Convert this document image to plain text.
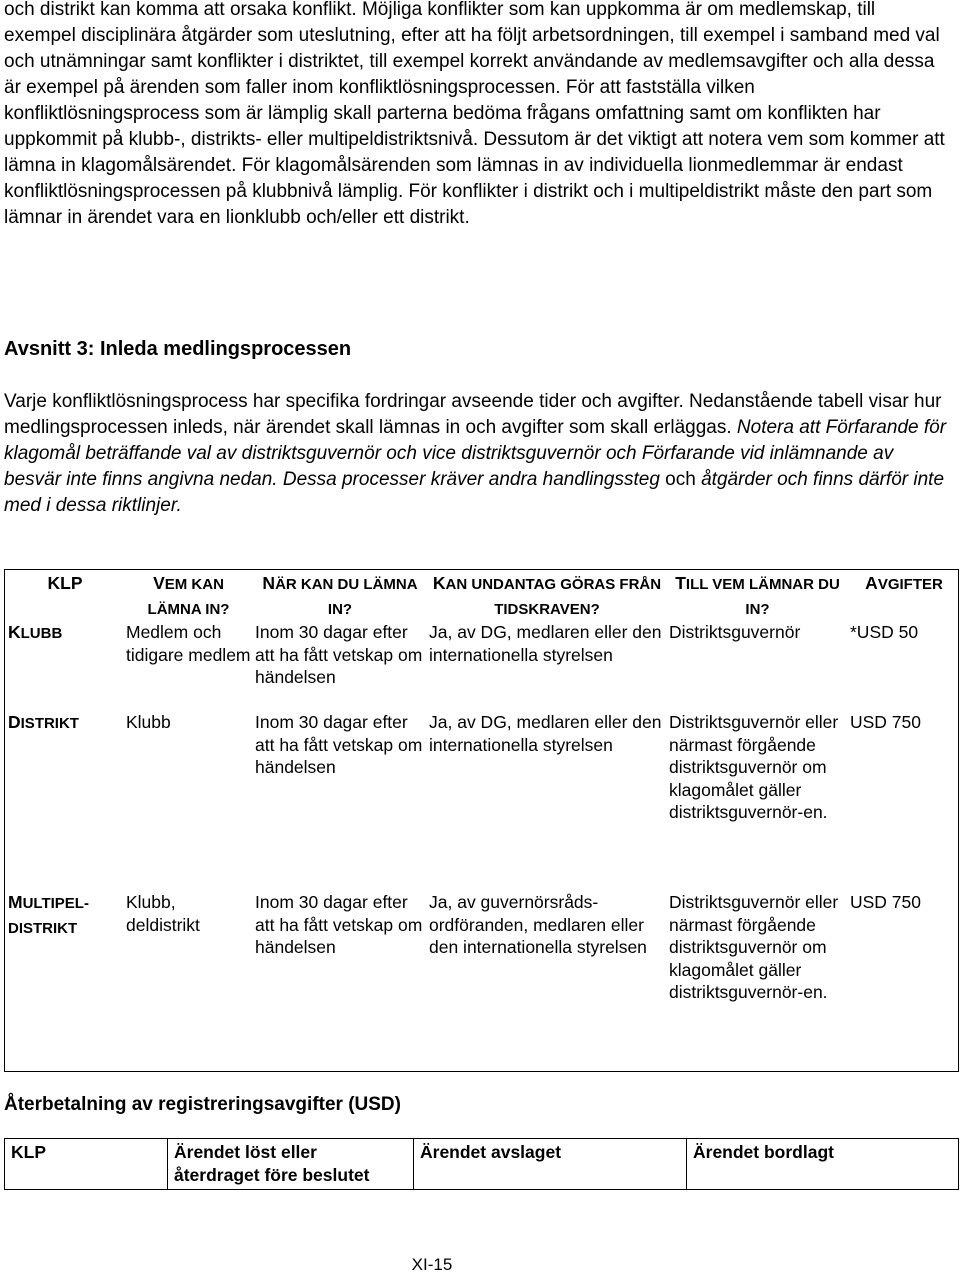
och distrikt kan komma att orsaka konflikt. Möjliga konflikter som kan uppkomma är om medlemskap, till exempel disciplinära åtgärder som uteslutning, efter att ha följt arbetsordningen, till exempel i samband med val och utnämningar samt konflikter i distriktet, till exempel korrekt användande av medlemsavgifter och alla dessa är exempel på ärenden som faller inom konfliktlösningsprocessen. För att fastställa vilken konfliktlösningsprocess som är lämplig skall parterna bedöma frågans omfattning samt om konflikten har uppkommit på klubb-, distrikts- eller multipeldistriktsnivå. Dessutom är det viktigt att notera vem som kommer att lämna in klagomålsärendet. För klagomålsärenden som lämnas in av individuella lionmedlemmar är endast konfliktlösningsprocessen på klubbnivå lämplig. För konflikter i distrikt och i multipeldistrikt måste den part som lämnar in ärendet vara en lionklubb och/eller ett distrikt.

Avsnitt 3: Inleda medlingsprocessen

Varje konfliktlösningsprocess har specifika fordringar avseende tider och avgifter. Nedanstående tabell visar hur medlingsprocessen inleds, när ärendet skall lämnas in och avgifter som skall erläggas. Notera att Förfarande för klagomål beträffande val av distriktsguvernör och vice distriktsguvernör och Förfarande vid inlämnande av besvär inte finns angivna nedan. Dessa processer kräver andra handlingssteg och åtgärder och finns därför inte med i dessa riktlinjer.

KLP	VEM KAN LÄMNA IN?	NÄR KAN DU LÄMNA IN?	KAN UNDANTAG GÖRAS FRÅN TIDSKRAVEN?	TILL VEM LÄMNAR DU IN?	AVGIFTER
KLUBB	Medlem och tidigare medlem	Inom 30 dagar efter att ha fått vetskap om händelsen	Ja, av DG, medlaren eller den internationella styrelsen	Distriktsguvernör	*USD 50
DISTRIKT	Klubb	Inom 30 dagar efter att ha fått vetskap om händelsen	Ja, av DG, medlaren eller den internationella styrelsen	Distriktsguvernör eller närmast förgående distriktsguvernör om klagomålet gäller distriktsguvernör-en.	USD 750
MULTIPEL-DISTRIKT	Klubb, deldistrikt	Inom 30 dagar efter att ha fått vetskap om händelsen	Ja, av guvernörsråds-ordföranden, medlaren eller den internationella styrelsen	Distriktsguvernör eller närmast förgående distriktsguvernör om klagomålet gäller distriktsguvernör-en.	USD 750
Återbetalning av registreringsavgifter (USD)
KLP	Ärendet löst eller återdraget före beslutet	Ärendet avslaget	Ärendet bordlagt

XI-15
